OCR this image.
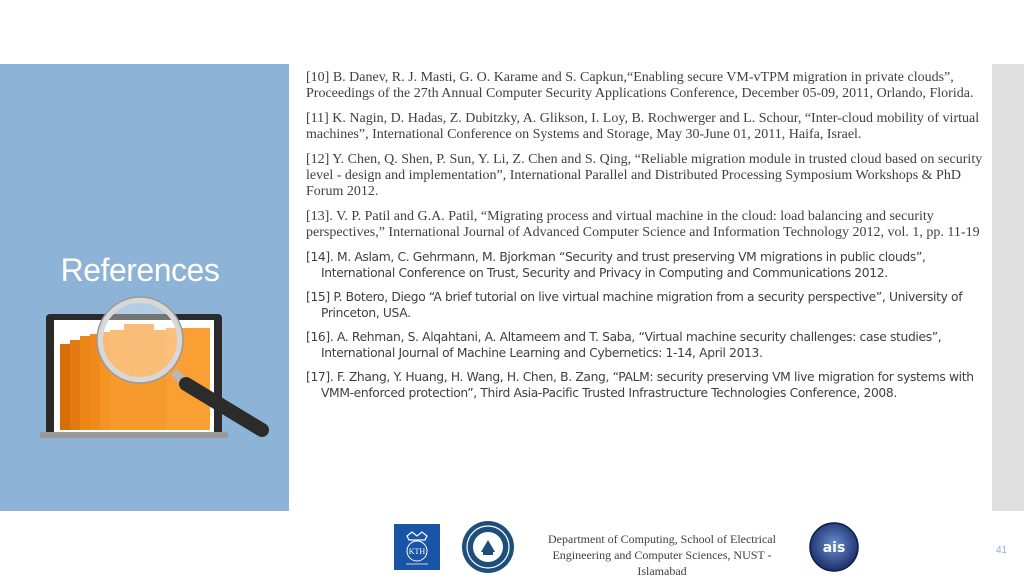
References

[10] B. Danev, R. J. Masti, G. O. Karame and S. Capkun,“Enabling secure VM-vTPM migration in private clouds”, Proceedings of the 27th Annual Computer Security Applications Conference, December 05-09, 2011, Orlando, Florida.

[11] K. Nagin, D. Hadas, Z. Dubitzky, A. Glikson, I. Loy, B. Rochwerger and L. Schour, “Inter-cloud mobility of virtual machines”, International Conference on Systems and Storage, May 30-June 01, 2011, Haifa, Israel.

[12] Y. Chen, Q. Shen, P. Sun, Y. Li, Z. Chen and S. Qing, “Reliable migration module in trusted cloud based on security level - design and implementation”, International Parallel and Distributed Processing Symposium Workshops & PhD Forum 2012.

[13]. V. P. Patil and G.A. Patil, “Migrating process and virtual machine in the cloud: load balancing and security perspectives,” International Journal of Advanced Computer Science and Information Technology 2012, vol. 1, pp. 11-19

[14]. M. Aslam, C. Gehrmann, M. Bjorkman “Security and trust preserving VM migrations in public clouds”, International Conference on Trust, Security and Privacy in Computing and Communications 2012.

[15] P. Botero, Diego “A brief tutorial on live virtual machine migration from a security perspective”, University of Princeton, USA.

[16]. A. Rehman, S. Alqahtani, A. Altameem and T. Saba, “Virtual machine security challenges: case studies”, International Journal of Machine Learning and Cybernetics: 1-14, April 2013.

[17]. F. Zhang, Y. Huang, H. Wang, H. Chen, B. Zang, “PALM: security preserving VM live migration for systems with VMM-enforced protection”, Third Asia-Pacific Trusted Infrastructure Technologies Conference, 2008.

KTH
Department of Computing, School of Electrical Engineering and Computer Sciences, NUST - Islamabad
ais	41
